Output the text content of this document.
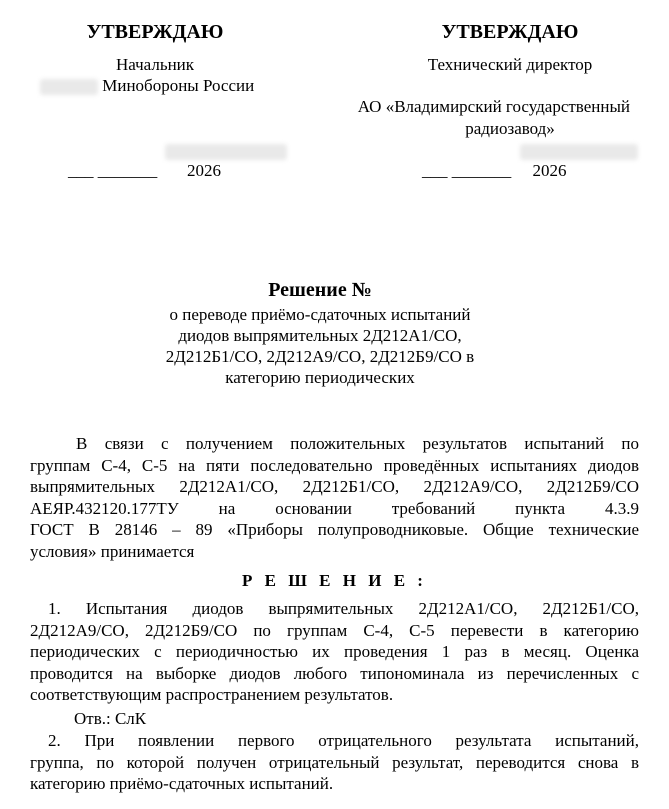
УТВЕРЖДАЮ
Начальник
Минобороны России
___ _______ 2026
УТВЕРЖДАЮ
Технический директор
АО «Владимирский государственный
радиозавод»
___ _______ 2026
Решение №
о переводе приёмо-сдаточных испытаний
диодов выпрямительных 2Д212А1/СО,
2Д212Б1/СО, 2Д212А9/СО, 2Д212Б9/СО в
категорию периодических
В связи с получением положительных результатов испытаний по
группам С-4, С-5 на пяти последовательно проведённых испытаниях диодов
выпрямительных 2Д212А1/СО, 2Д212Б1/СО, 2Д212А9/СО, 2Д212Б9/СО
АЕЯР.432120.177ТУ на основании требований пункта 4.3.9
ГОСТ В 28146 – 89 «Приборы полупроводниковые. Общие технические
условия» принимается
Р Е Ш Е Н И Е :
1. Испытания диодов выпрямительных 2Д212А1/СО, 2Д212Б1/СО,
2Д212А9/СО, 2Д212Б9/СО по группам С-4, С-5 перевести в категорию
периодических с периодичностью их проведения 1 раз в месяц. Оценка
проводится на выборке диодов любого типономинала из перечисленных с
соответствующим распространением результатов.
Отв.: СлК
2. При появлении первого отрицательного результата испытаний,
группа, по которой получен отрицательный результат, переводится снова в
категорию приёмо-сдаточных испытаний.
